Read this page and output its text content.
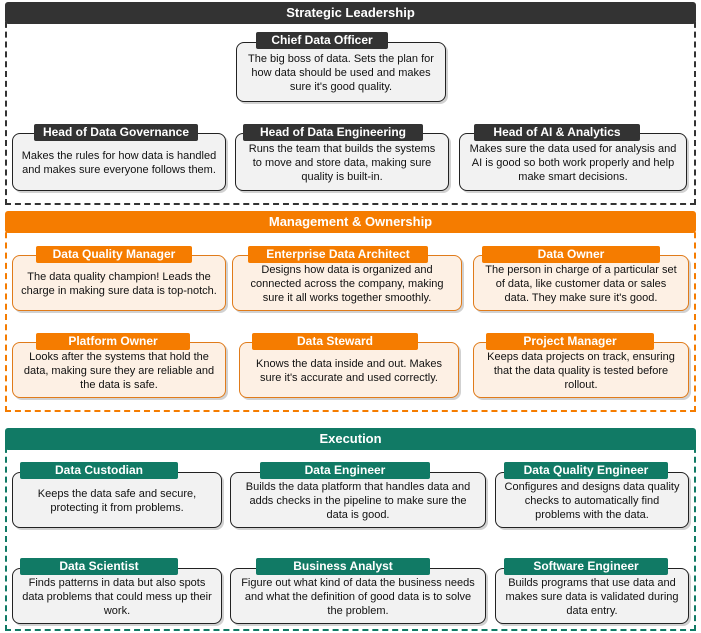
Strategic Leadership
The big boss of data. Sets the plan for how data should be used and makes sure it's good quality.
Chief Data Officer
Makes the rules for how data is handled and makes sure everyone follows them.
Head of Data Governance
Runs the team that builds the systems to move and store data, making sure quality is built-in.
Head of Data Engineering
Makes sure the data used for analysis and AI is good so both work properly and help make smart decisions.
Head of AI & Analytics
Management & Ownership
The data quality champion! Leads the charge in making sure data is top-notch.
Data Quality Manager
Designs how data is organized and connected across the company, making sure it all works together smoothly.
Enterprise Data Architect
The person in charge of a particular set of data, like customer data or sales data. They make sure it's good.
Data Owner
Looks after the systems that hold the data, making sure they are reliable and the data is safe.
Platform Owner
Knows the data inside and out. Makes sure it's accurate and used correctly.
Data Steward
Keeps data projects on track, ensuring that the data quality is tested before rollout.
Project Manager
Execution
Keeps the data safe and secure, protecting it from problems.
Data Custodian
Builds the data platform that handles data and adds checks in the pipeline to make sure the data is good.
Data Engineer
Configures and designs data quality checks to automatically find problems with the data.
Data Quality Engineer
Finds patterns in data but also spots data problems that could mess up their work.
Data Scientist
Figure out what kind of data the business needs and what the definition of good data is to solve the problem.
Business Analyst
Builds programs that use data and makes sure data is validated during data entry.
Software Engineer
